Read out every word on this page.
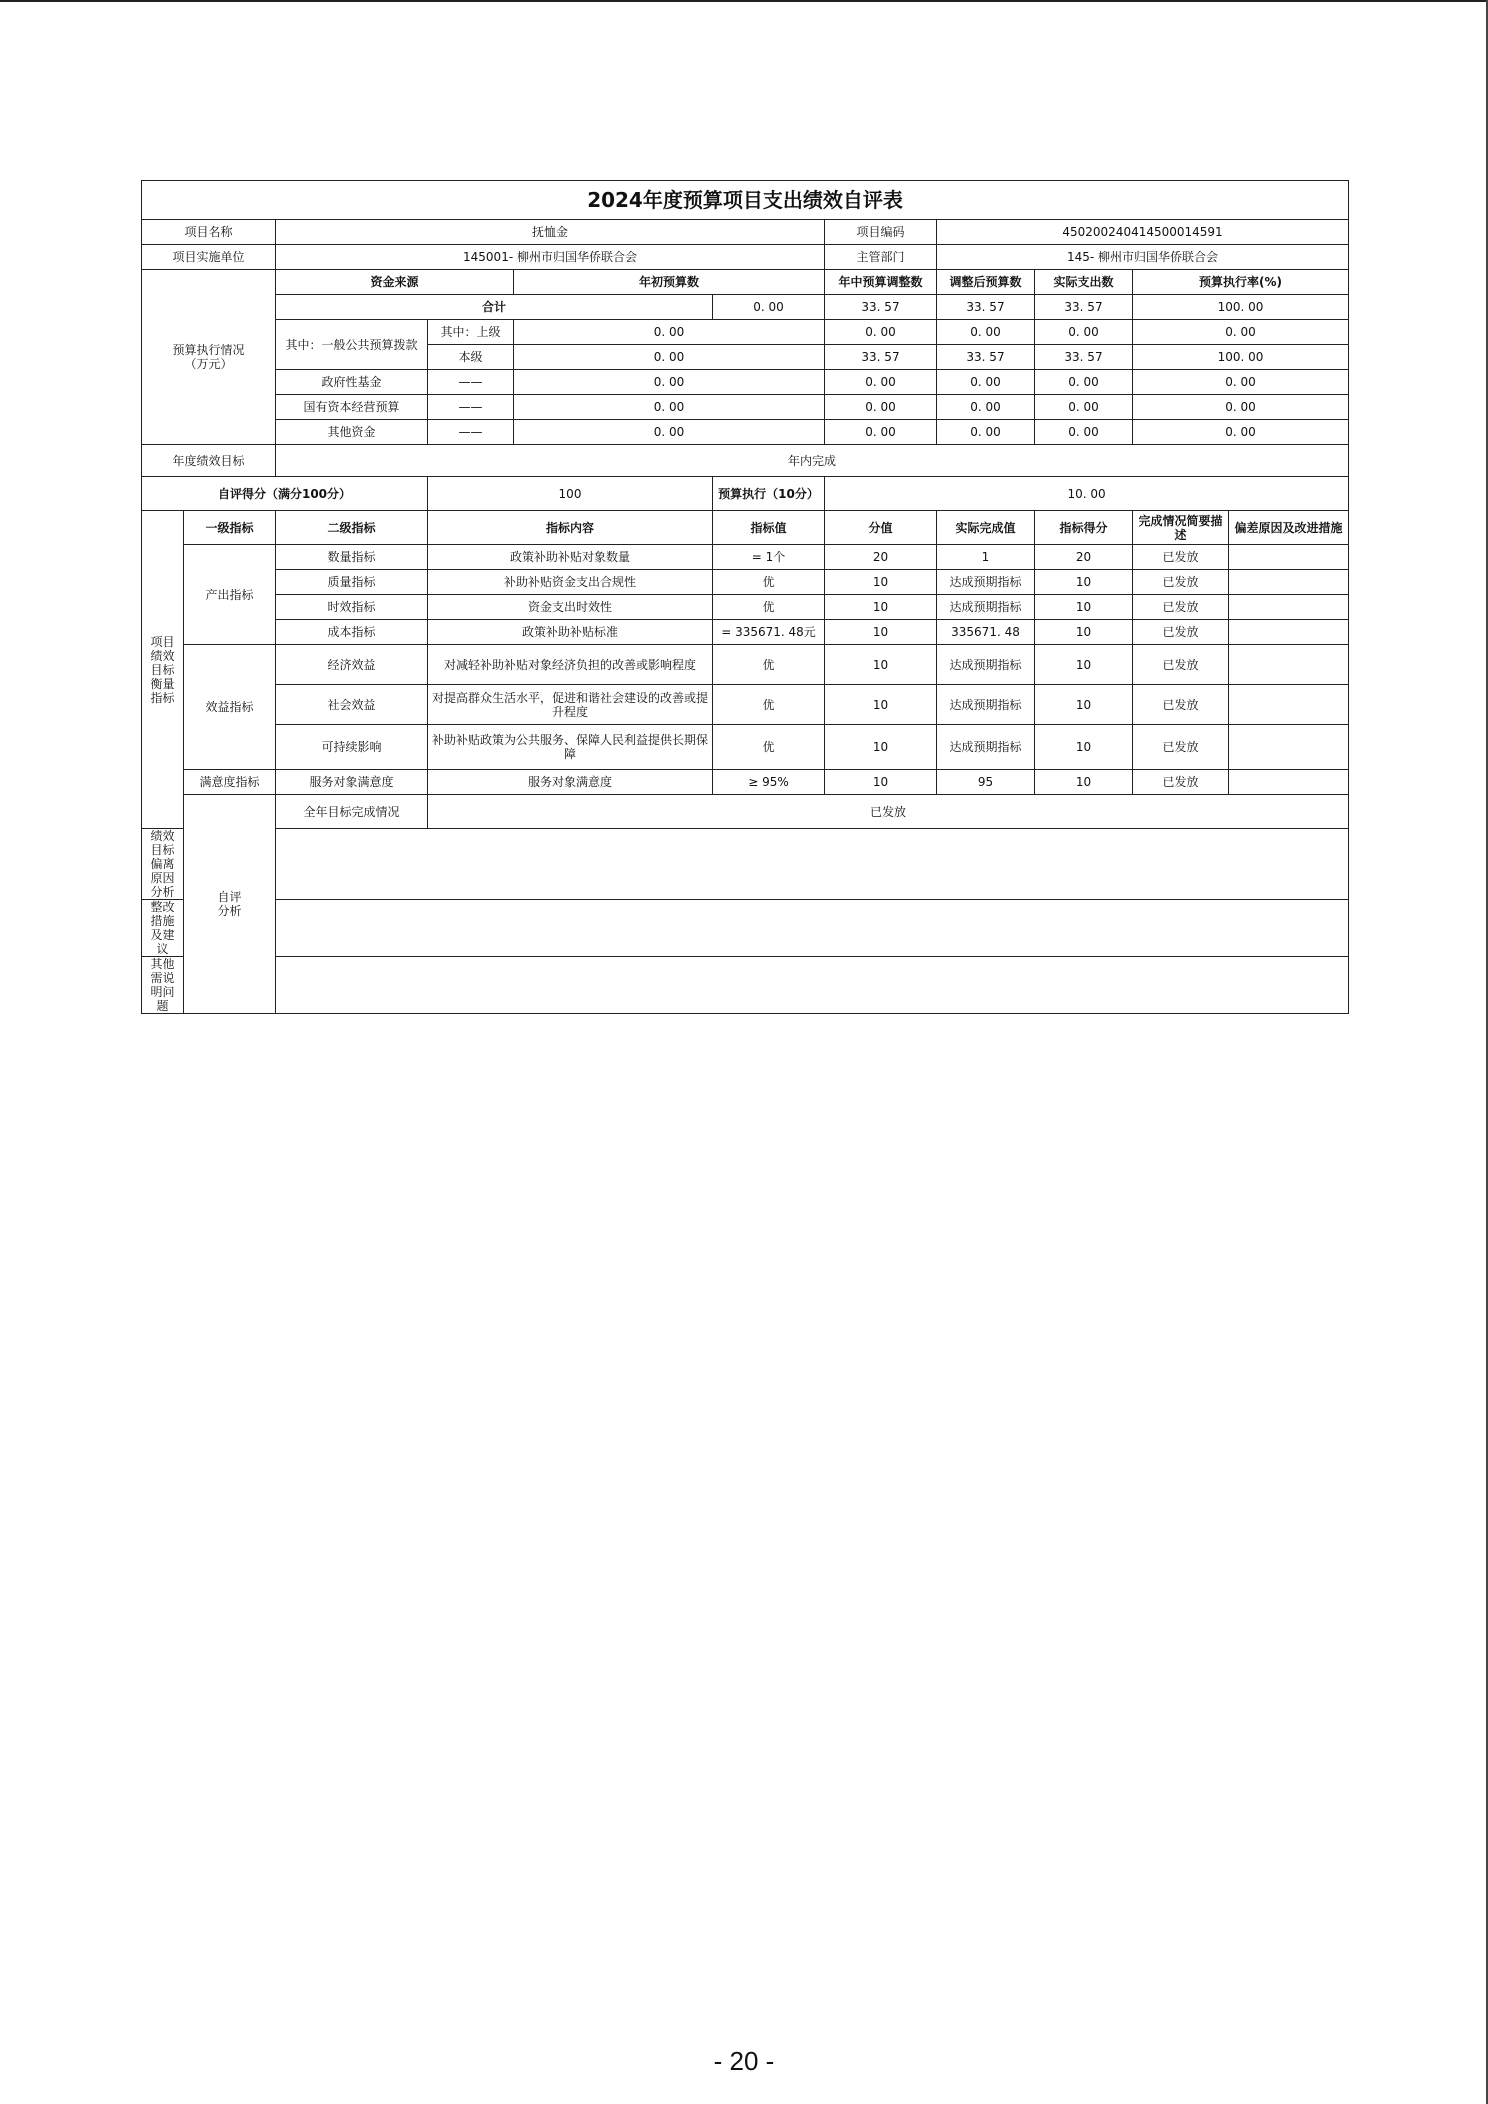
2024年度预算项目支出绩效自评表										
项目名称		抚恤金				项目编码	450200240414500014591			
项目实施单位		145001- 柳州市归国华侨联合会				主管部门	145- 柳州市归国华侨联合会			
预算执行情况
（万元）		资金来源		年初预算数		年中预算调整数	调整后预算数	实际支出数	预算执行率(%)	
		合计			0. 00	33. 57	33. 57	33. 57	100. 00	
		其中：一般公共预算拨款	其中：上级	0. 00		0. 00	0. 00	0. 00	0. 00	
			本级	0. 00		33. 57	33. 57	33. 57	100. 00	
		政府性基金	——	0. 00		0. 00	0. 00	0. 00	0. 00	
		国有资本经营预算	——	0. 00		0. 00	0. 00	0. 00	0. 00	
		其他资金	——	0. 00		0. 00	0. 00	0. 00	0. 00	
年度绩效目标		年内完成								
自评得分（满分100分）			100		预算执行（10分）	10. 00				
项目
绩效
目标
衡量
指标	一级指标	二级指标	指标内容		指标值	分值	实际完成值	指标得分	完成情况简要描述	偏差原因及改进措施
	产出指标	数量指标	政策补助补贴对象数量		= 1个	20	1	20	已发放	
		质量指标	补助补贴资金支出合规性		优	10	达成预期指标	10	已发放	
		时效指标	资金支出时效性		优	10	达成预期指标	10	已发放	
		成本指标	政策补助补贴标准		= 335671. 48元	10	335671. 48	10	已发放	
	效益指标	经济效益	对减轻补助补贴对象经济负担的改善或影响程度		优	10	达成预期指标	10	已发放	
		社会效益	对提高群众生活水平，促进和谐社会建设的改善或提升程度		优	10	达成预期指标	10	已发放	
		可持续影响	补助补贴政策为公共服务、保障人民利益提供长期保障		优	10	达成预期指标	10	已发放	
	满意度指标	服务对象满意度	服务对象满意度		≥ 95%	10	95	10	已发放	
	自评
分析	全年目标完成情况	已发放							
绩效目标偏离原因分析										
整改措施及建议										
其他需说明问题										
- 20 -
